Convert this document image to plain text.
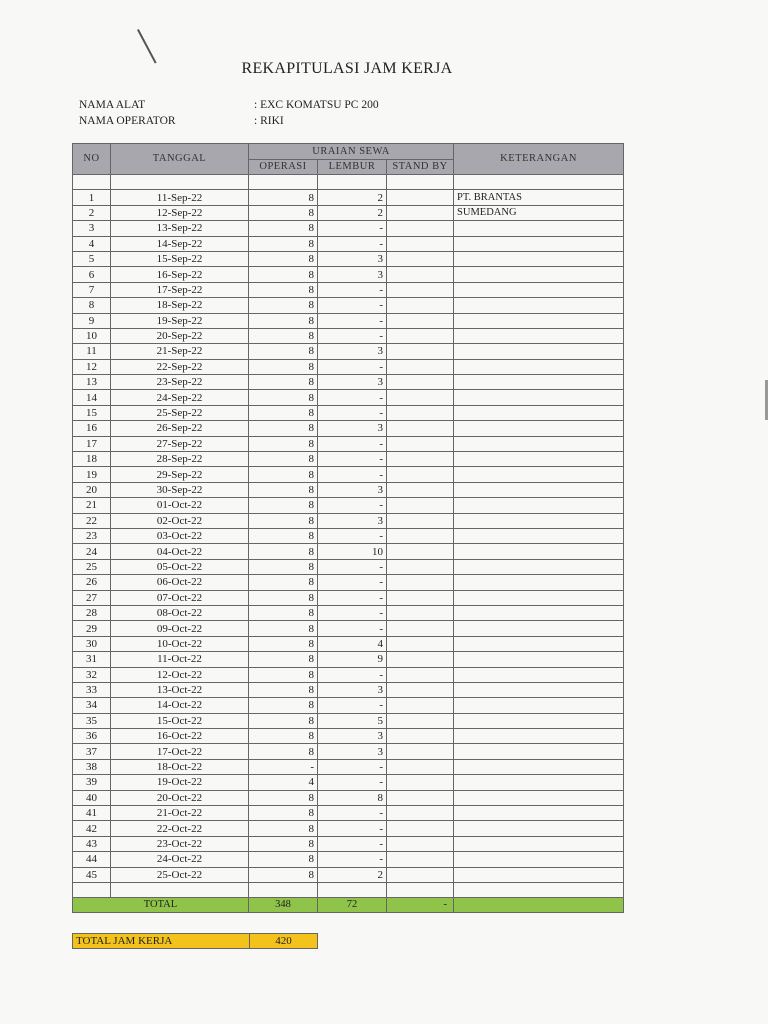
REKAPITULASI JAM KERJA
NAMA ALAT	: EXC KOMATSU PC 200
NAMA OPERATOR	: RIKI
NO	TANGGAL	URAIAN SEWA			KETERANGAN
		OPERASI	LEMBUR	STAND BY	

1	11-Sep-22	8	2		PT. BRANTAS
2	12-Sep-22	8	2		SUMEDANG
3	13-Sep-22	8	-		
4	14-Sep-22	8	-		
5	15-Sep-22	8	3		
6	16-Sep-22	8	3		
7	17-Sep-22	8	-		
8	18-Sep-22	8	-		
9	19-Sep-22	8	-		
10	20-Sep-22	8	-		
11	21-Sep-22	8	3		
12	22-Sep-22	8	-		
13	23-Sep-22	8	3		
14	24-Sep-22	8	-		
15	25-Sep-22	8	-		
16	26-Sep-22	8	3		
17	27-Sep-22	8	-		
18	28-Sep-22	8	-		
19	29-Sep-22	8	-		
20	30-Sep-22	8	3		
21	01-Oct-22	8	-		
22	02-Oct-22	8	3		
23	03-Oct-22	8	-		
24	04-Oct-22	8	10		
25	05-Oct-22	8	-		
26	06-Oct-22	8	-		
27	07-Oct-22	8	-		
28	08-Oct-22	8	-		
29	09-Oct-22	8	-		
30	10-Oct-22	8	4		
31	11-Oct-22	8	9		
32	12-Oct-22	8	-		
33	13-Oct-22	8	3		
34	14-Oct-22	8	-		
35	15-Oct-22	8	5		
36	16-Oct-22	8	3		
37	17-Oct-22	8	3		
38	18-Oct-22	-	-		
39	19-Oct-22	4	-		
40	20-Oct-22	8	8		
41	21-Oct-22	8	-		
42	22-Oct-22	8	-		
43	23-Oct-22	8	-		
44	24-Oct-22	8	-		
45	25-Oct-22	8	2		

TOTAL		348	72	-	
TOTAL JAM KERJA	420
